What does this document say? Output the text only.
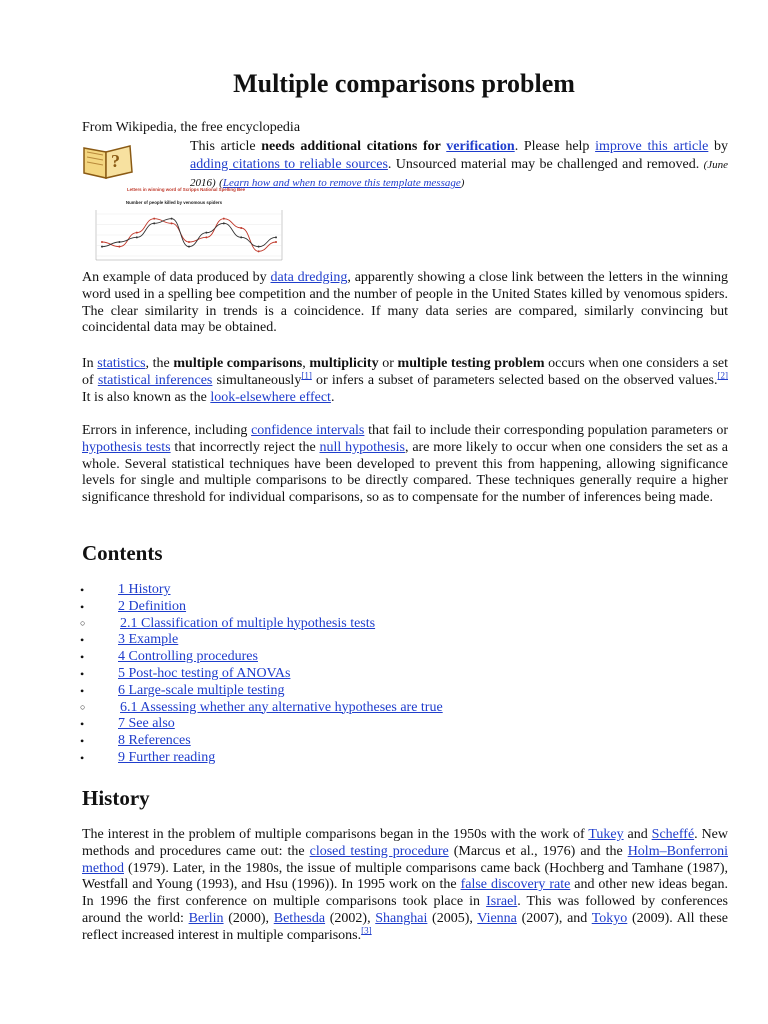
Multiple comparisons problem
From Wikipedia, the free encyclopedia
?

This article needs additional citations for verification. Please help improve this article by adding citations to reliable sources. Unsourced material may be challenged and removed. (June 2016) (Learn how and when to remove this template message)

Letters in winning word of Scripps National Spelling Bee
Number of people killed by venomous spiders

An example of data produced by data dredging, apparently showing a close link between the letters in the winning word used in a spelling bee competition and the number of people in the United States killed by venomous spiders. The clear similarity in trends is a coincidence. If many data series are compared, similarly convincing but coincidental data may be obtained.

In statistics, the multiple comparisons, multiplicity or multiple testing problem occurs when one considers a set of statistical inferences simultaneously[1] or infers a subset of parameters selected based on the observed values.[2] It is also known as the look-elsewhere effect.

Errors in inference, including confidence intervals that fail to include their corresponding population parameters or hypothesis tests that incorrectly reject the null hypothesis, are more likely to occur when one considers the set as a whole. Several statistical techniques have been developed to prevent this from happening, allowing significance levels for single and multiple comparisons to be directly compared. These techniques generally require a higher significance threshold for individual comparisons, so as to compensate for the number of inferences being made.

Contents
•
1 History
•
2 Definition
○
2.1 Classification of multiple hypothesis tests
•
3 Example
•
4 Controlling procedures
•
5 Post-hoc testing of ANOVAs
•
6 Large-scale multiple testing
○
6.1 Assessing whether any alternative hypotheses are true
•
7 See also
•
8 References
•
9 Further reading
History

The interest in the problem of multiple comparisons began in the 1950s with the work of Tukey and Scheffé. New methods and procedures came out: the closed testing procedure (Marcus et al., 1976) and the Holm–Bonferroni method (1979). Later, in the 1980s, the issue of multiple comparisons came back (Hochberg and Tamhane (1987), Westfall and Young (1993), and Hsu (1996)). In 1995 work on the false discovery rate and other new ideas began. In 1996 the first conference on multiple comparisons took place in Israel. This was followed by conferences around the world: Berlin (2000), Bethesda (2002), Shanghai (2005), Vienna (2007), and Tokyo (2009). All these reflect increased interest in multiple comparisons.[3]
